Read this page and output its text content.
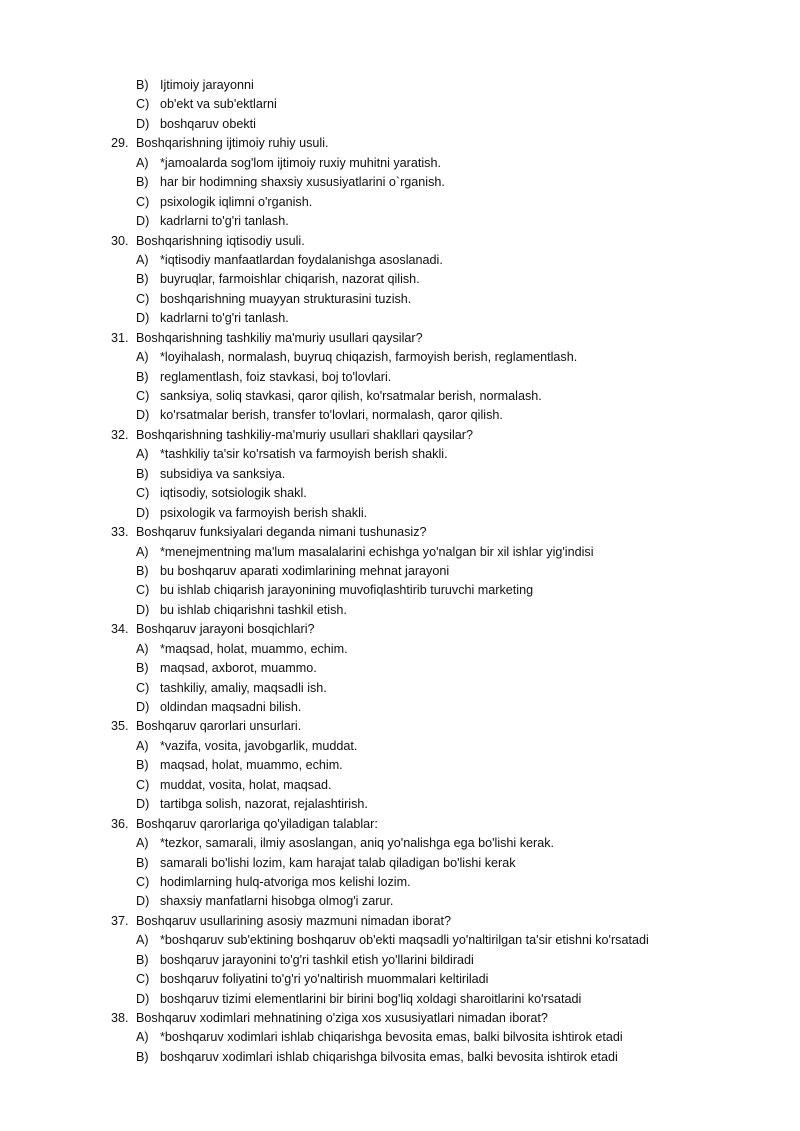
B) Ijtimoiy jarayonni
C) ob'ekt va sub'ektlarni
D) boshqaruv obekti
29. Boshqarishning ijtimoiy ruhiy usuli.
A) *jamoalarda sog'lom ijtimoiy ruxiy muhitni yaratish.
B) har bir hodimning shaxsiy xususiyatlarini o`rganish.
C) psixologik iqlimni o'rganish.
D) kadrlarni to'g'ri tanlash.
30. Boshqarishning iqtisodiy usuli.
A) *iqtisodiy manfaatlardan foydalanishga asoslanadi.
B) buyruqlar, farmoishlar chiqarish, nazorat qilish.
C) boshqarishning muayyan strukturasini tuzish.
D) kadrlarni to'g'ri tanlash.
31. Boshqarishning tashkiliy ma'muriy usullari qaysilar?
A) *loyihalash, normalash, buyruq chiqazish, farmoyish berish, reglamentlash.
B) reglamentlash, foiz stavkasi, boj to'lovlari.
C) sanksiya, soliq stavkasi, qaror qilish, ko'rsatmalar berish, normalash.
D) ko'rsatmalar berish, transfer to'lovlari, normalash, qaror qilish.
32. Boshqarishning tashkiliy-ma'muriy usullari shakllari qaysilar?
A) *tashkiliy ta'sir ko'rsatish va farmoyish berish shakli.
B) subsidiya va sanksiya.
C) iqtisodiy, sotsiologik shakl.
D) psixologik va farmoyish berish shakli.
33. Boshqaruv funksiyalari deganda nimani tushunasiz?
A) *menejmentning ma'lum masalalarini echishga yo'nalgan bir xil ishlar yig'indisi
B) bu boshqaruv aparati xodimlarining mehnat jarayoni
C) bu ishlab chiqarish jarayonining muvofiqlashtirib turuvchi marketing
D) bu ishlab chiqarishni tashkil etish.
34. Boshqaruv jarayoni bosqichlari?
A) *maqsad, holat, muammo, echim.
B) maqsad, axborot, muammo.
C) tashkiliy, amaliy, maqsadli ish.
D) oldindan maqsadni bilish.
35. Boshqaruv qarorlari unsurlari.
A) *vazifa, vosita, javobgarlik, muddat.
B) maqsad, holat, muammo, echim.
C) muddat, vosita, holat, maqsad.
D) tartibga solish, nazorat, rejalashtirish.
36. Boshqaruv qarorlariga qo'yiladigan talablar:
A) *tezkor, samarali, ilmiy asoslangan, aniq yo'nalishga ega bo'lishi kerak.
B) samarali bo'lishi lozim, kam harajat talab qiladigan bo'lishi kerak
C) hodimlarning hulq-atvoriga mos kelishi lozim.
D) shaxsiy manfatlarni hisobga olmog'i zarur.
37. Boshqaruv usullarining asosiy mazmuni nimadan iborat?
A) *boshqaruv sub'ektining boshqaruv ob'ekti maqsadli yo'naltirilgan ta'sir etishni ko'rsatadi
B) boshqaruv jarayonini to'g'ri tashkil etish yo'llarini bildiradi
C) boshqaruv foliyatini to'g'ri yo'naltirish muommalari keltiriladi
D) boshqaruv tizimi elementlarini bir birini bog'liq xoldagi sharoitlarini ko'rsatadi
38. Boshqaruv xodimlari mehnatining o'ziga xos xususiyatlari nimadan iborat?
A) *boshqaruv xodimlari ishlab chiqarishga bevosita emas, balki bilvosita ishtirok etadi
B) boshqaruv xodimlari ishlab chiqarishga bilvosita emas, balki bevosita ishtirok etadi
